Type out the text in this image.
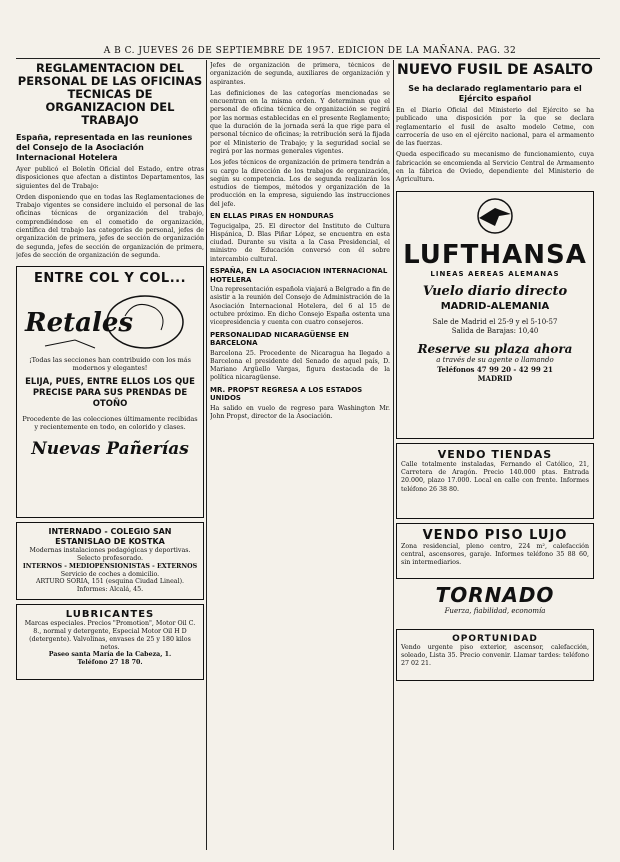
A B C. JUEVES 26 DE SEPTIEMBRE DE 1957. EDICION DE LA MAÑANA. PAG. 32
REGLAMENTACION DEL PERSONAL DE LAS OFICINAS TECNICAS DE ORGANIZACION DEL TRABAJO
España, representada en las reuniones del Consejo de la Asociación Internacional Hotelera
Ayer publicó el Boletín Oficial del Estado, entre otras disposiciones que afectan a distintos Departamentos, las siguientes del de Trabajo:
Orden disponiendo que en todas las Reglamentaciones de Trabajo vigentes se considere incluido el personal de las oficinas técnicas de organización del trabajo, comprendiéndose en el cometido de organización, científica del trabajo las categorías de personal, jefes de organización de primera, jefes de sección de organización de segunda, jefes de sección de organización de primera, jefes de sección de organización de segunda.
ENTRE COL Y COL...
Retales
¡Todas las secciones han contribuido con los más modernos y elegantes!
ELIJA, PUES, ENTRE ELLOS LOS QUE PRECISE PARA SUS PRENDAS DE OTOÑO
Procedente de las colecciones últimamente recibidas y recientemente en todo, en colorido y clases.
Nuevas Pañerías
INTERNADO - COLEGIO SAN ESTANISLAO DE KOSTKA
Modernas instalaciones pedagógicas y deportivas. Selecto profesorado.
INTERNOS - MEDIOPENSIONISTAS - EXTERNOS
Servicio de coches a domicilio.
ARTURO SORIA, 151 (esquina Ciudad Lineal). Informes: Alcalá, 45.
LUBRICANTES
Marcas especiales. Precios "Promotion", Motor Oil C. 8., normal y detergente, Especial Motor Oil H D (detergente). Valvolinas, envases de 25 y 180 kilos netos.
Paseo santa María de la Cabeza, 1.
Teléfono 27 18 70.
Jefes de organización de primera, técnicos de organización de segunda, auxiliares de organización y aspirantes.
Las definiciones de las categorías mencionadas se encuentran en la misma orden. Y determinan que el personal de oficina técnica de organización se regirá por las normas establecidas en el presente Reglamento; que la duración de la jornada será la que rige para el personal técnico de oficinas; la retribución será la fijada por el Ministerio de Trabajo; y la seguridad social se regirá por las normas generales vigentes.
Los jefes técnicos de organización de primera tendrán a su cargo la dirección de los trabajos de organización, según su competencia. Los de segunda realizarán los estudios de tiempos, métodos y organización de la producción en la empresa, siguiendo las instrucciones del jefe.
EN ELLAS PIRAS EN HONDURAS
Tegucigalpa, 25. El director del Instituto de Cultura Hispánica, D. Blas Piñar López, se encuentra en esta ciudad. Durante su visita a la Casa Presidencial, el ministro de Educación conversó con él sobre intercambio cultural.
ESPAÑA, EN LA ASOCIACION INTERNACIONAL HOTELERA
Una representación española viajará a Belgrado a fin de asistir a la reunión del Consejo de Administración de la Asociación Internacional Hotelera, del 6 al 15 de octubre próximo. En dicho Consejo España ostenta una vicepresidencia y cuenta con cuatro consejeros.
PERSONALIDAD NICARAGÜENSE EN BARCELONA
Barcelona 25. Procedente de Nicaragua ha llegado a Barcelona el presidente del Senado de aquel país, D. Mariano Argüello Vargas, figura destacada de la política nicaragüense.
MR. PROPST REGRESA A LOS ESTADOS UNIDOS
Ha salido en vuelo de regreso para Washington Mr. John Propst, director de la Asociación.
NUEVO FUSIL DE ASALTO
Se ha declarado reglamentario para el Ejército español
En el Diario Oficial del Ministerio del Ejército se ha publicado una disposición por la que se declara reglamentario el fusil de asalto modelo Cetme, con carrocería de uso en el ejército nacional, para el armamento de las fuerzas.
Queda especificado su mecanismo de funcionamiento, cuya fabricación se encomienda al Servicio Central de Armamento en la fábrica de Oviedo, dependiente del Ministerio de Agricultura.
LUFTHANSA
LINEAS AEREAS ALEMANAS
Vuelo diario directo
MADRID-ALEMANIA
Sale de Madrid el 25-9 y el 5-10-57
Salida de Barajas: 10,40
Reserve su plaza ahora
a través de su agente o llamando
Teléfonos 47 99 20 - 42 99 21
MADRID
VENDO TIENDAS
Calle totalmente instaladas, Fernando el Católico, 21, Carretera de Aragón. Precio 140.000 ptas. Entrada 20.000, plazo 17.000. Local en calle con frente. Informes teléfono 26 38 80.
VENDO PISO LUJO
Zona residencial, pleno centro, 224 m², calefacción central, ascensores, garaje. Informes teléfono 35 88 60, sin intermediarios.
TORNADO
Fuerza, fiabilidad, economía
OPORTUNIDAD
Vendo urgente piso exterior, ascensor, calefacción, soleado, Lista 35. Precio convenir. Llamar tardes: teléfono 27 02 21.
